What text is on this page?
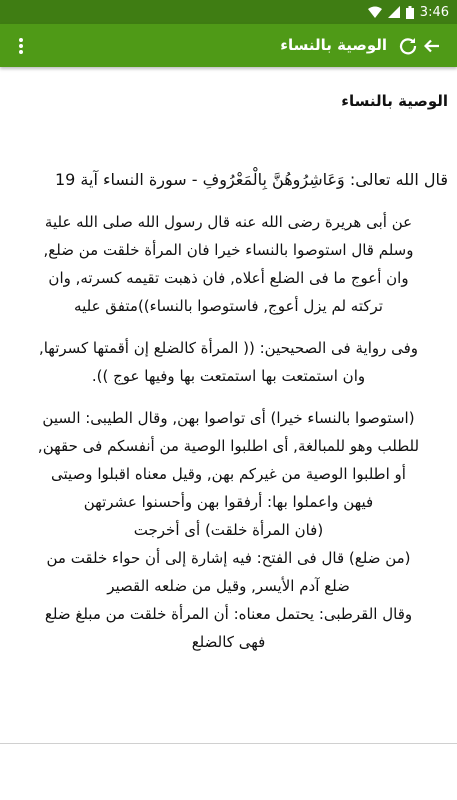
3:46
الوصية بالنساء
الوصية بالنساء
قال الله تعالى: وَعَاشِرُوهُنَّ بِالْمَعْرُوفِ - سورة النساء آية 19

عن أبى هريرة رضى الله عنه قال رسول الله صلى الله علية

وسلم قال استوصوا بالنساء خيرا فان المرأة خلقت من ضلع,

وان أعوج ما فى الضلع أعلاه, فان ذهبت تقيمه كسرته, وان

تركته لم يزل أعوج, فاستوصوا بالنساء))متفق عليه

وفى رواية فى الصحيحين: (( المرأة كالضلع إن أقمتها كسرتها,

وان استمتعت بها استمتعت بها وفيها عوج )).

(استوصوا بالنساء خيرا) أى تواصوا بهن, وقال الطيبى: السين

للطلب وهو للمبالغة, أى اطلبوا الوصية من أنفسكم فى حقهن,

أو اطلبوا الوصية من غيركم بهن, وقيل معناه اقبلوا وصيتى

فيهن واعملوا بها: أرفقوا بهن وأحسنوا عشرتهن

(فان المرأة خلقت) أى أخرجت

(من ضلع) قال فى الفتح: فيه إشارة إلى أن حواء خلقت من

ضلع آدم الأيسر, وقيل من ضلعه القصير

وقال القرطبى: يحتمل معناه: أن المرأة خلقت من مبلغ ضلع

فهى كالضلع
